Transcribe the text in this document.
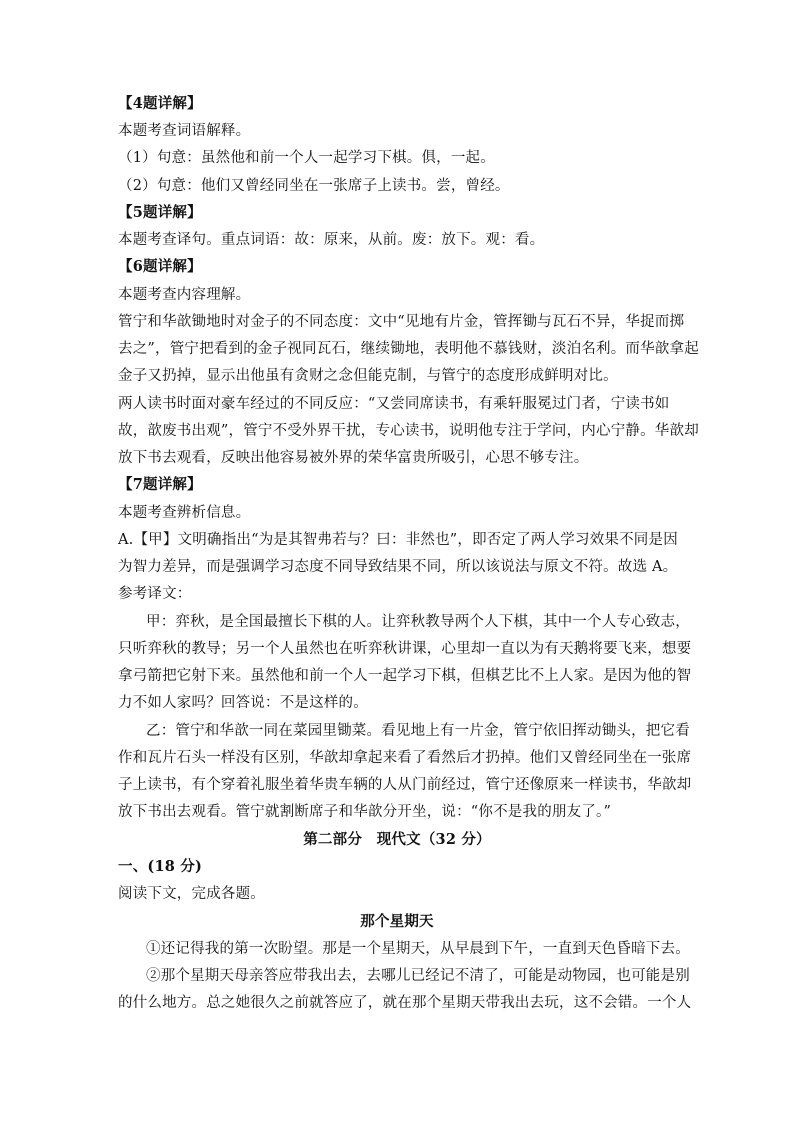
【4题详解】
本题考查词语解释。
（1）句意：虽然他和前一个人一起学习下棋。俱，一起。
（2）句意：他们又曾经同坐在一张席子上读书。尝，曾经。
【5题详解】
本题考查译句。重点词语：故：原来，从前。废：放下。观：看。
【6题详解】
本题考查内容理解。
管宁和华歆锄地时对金子的不同态度：文中“见地有片金，管挥锄与瓦石不异，华捉而掷
去之”，管宁把看到的金子视同瓦石，继续锄地，表明他不慕钱财，淡泊名利。而华歆拿起
金子又扔掉，显示出他虽有贪财之念但能克制，与管宁的态度形成鲜明对比。
两人读书时面对豪车经过的不同反应：“又尝同席读书，有乘轩服冕过门者，宁读书如
故，歆废书出观”，管宁不受外界干扰，专心读书，说明他专注于学问，内心宁静。华歆却
放下书去观看，反映出他容易被外界的荣华富贵所吸引，心思不够专注。
【7题详解】
本题考查辨析信息。
A.【甲】文明确指出“为是其智弗若与？曰：非然也”，即否定了两人学习效果不同是因
为智力差异，而是强调学习态度不同导致结果不同，所以该说法与原文不符。故选 A。
参考译文：
甲：弈秋，是全国最擅长下棋的人。让弈秋教导两个人下棋，其中一个人专心致志，
只听弈秋的教导；另一个人虽然也在听弈秋讲课，心里却一直以为有天鹅将要飞来，想要
拿弓箭把它射下来。虽然他和前一个人一起学习下棋，但棋艺比不上人家。是因为他的智
力不如人家吗？回答说：不是这样的。
乙：管宁和华歆一同在菜园里锄菜。看见地上有一片金，管宁依旧挥动锄头，把它看
作和瓦片石头一样没有区别，华歆却拿起来看了看然后才扔掉。他们又曾经同坐在一张席
子上读书，有个穿着礼服坐着华贵车辆的人从门前经过，管宁还像原来一样读书，华歆却
放下书出去观看。管宁就割断席子和华歆分开坐，说：“你不是我的朋友了。”
第二部分　现代文（32 分）
一、(18 分)
阅读下文，完成各题。
那个星期天
①还记得我的第一次盼望。那是一个星期天，从早晨到下午，一直到天色昏暗下去。
②那个星期天母亲答应带我出去，去哪儿已经记不清了，可能是动物园，也可能是别
的什么地方。总之她很久之前就答应了，就在那个星期天带我出去玩，这不会错。一个人
